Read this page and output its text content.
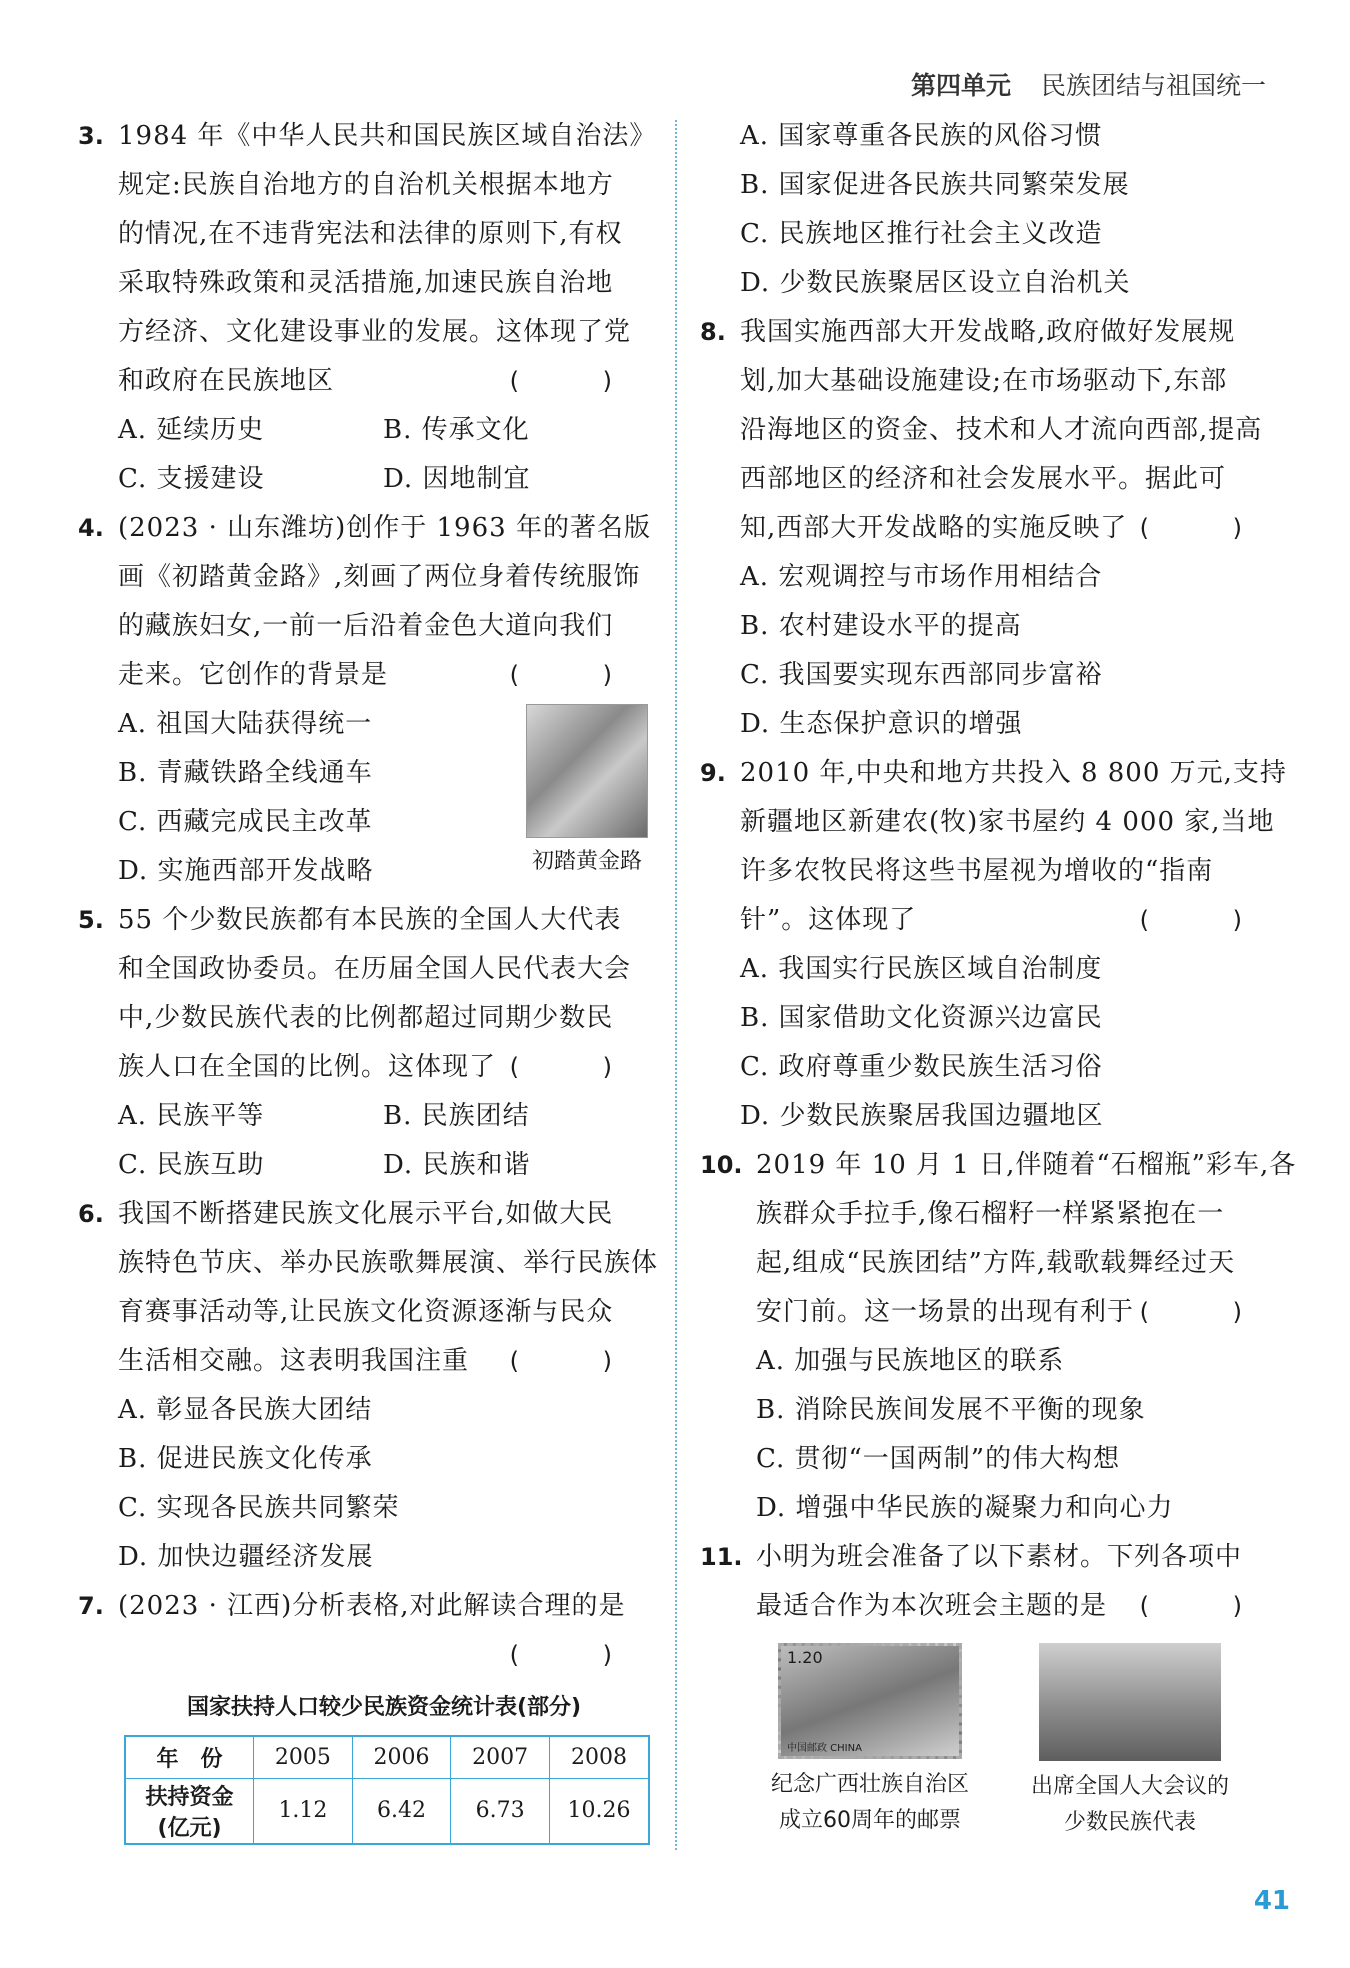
第四单元 民族团结与祖国统一
3. 1984 年《中华人民共和国民族区域自治法》
规定:民族自治地方的自治机关根据本地方
的情况,在不违背宪法和法律的原则下,有权
采取特殊政策和灵活措施,加速民族自治地
方经济、文化建设事业的发展。这体现了党
和政府在民族地区	( )
A. 延续历史	B. 传承文化
C. 支援建设	D. 因地制宜
4. (2023 · 山东潍坊)创作于 1963 年的著名版
画《初踏黄金路》,刻画了两位身着传统服饰
的藏族妇女,一前一后沿着金色大道向我们
走来。它创作的背景是	( )
初踏黄金路
A. 祖国大陆获得统一
B. 青藏铁路全线通车
C. 西藏完成民主改革
D. 实施西部开发战略
5. 55 个少数民族都有本民族的全国人大代表
和全国政协委员。在历届全国人民代表大会
中,少数民族代表的比例都超过同期少数民
族人口在全国的比例。这体现了 ( )
A. 民族平等	B. 民族团结
C. 民族互助	D. 民族和谐
6. 我国不断搭建民族文化展示平台,如做大民
族特色节庆、举办民族歌舞展演、举行民族体
育赛事活动等,让民族文化资源逐渐与民众
生活相交融。这表明我国注重 ( )
A. 彰显各民族大团结
B. 促进民族文化传承
C. 实现各民族共同繁荣
D. 加快边疆经济发展
7. (2023 · 江西)分析表格,对此解读合理的是
( )
国家扶持人口较少民族资金统计表(部分)
年　份	2005	2006	2007	2008

扶持资金
(亿元)	1.12	6.42	6.73	10.26
A. 国家尊重各民族的风俗习惯
B. 国家促进各民族共同繁荣发展
C. 民族地区推行社会主义改造
D. 少数民族聚居区设立自治机关
8. 我国实施西部大开发战略,政府做好发展规
划,加大基础设施建设;在市场驱动下,东部
沿海地区的资金、技术和人才流向西部,提高
西部地区的经济和社会发展水平。据此可
知,西部大开发战略的实施反映了 ( )
A. 宏观调控与市场作用相结合
B. 农村建设水平的提高
C. 我国要实现东西部同步富裕
D. 生态保护意识的增强
9. 2010 年,中央和地方共投入 8 800 万元,支持
新疆地区新建农(牧)家书屋约 4 000 家,当地
许多农牧民将这些书屋视为增收的“指南
针”。这体现了	( )
A. 我国实行民族区域自治制度
B. 国家借助文化资源兴边富民
C. 政府尊重少数民族生活习俗
D. 少数民族聚居我国边疆地区
10. 2019 年 10 月 1 日,伴随着“石榴瓶”彩车,各
族群众手拉手,像石榴籽一样紧紧抱在一
起,组成“民族团结”方阵,载歌载舞经过天
安门前。这一场景的出现有利于 ( )
A. 加强与民族地区的联系
B. 消除民族间发展不平衡的现象
C. 贯彻“一国两制”的伟大构想
D. 增强中华民族的凝聚力和向心力
11. 小明为班会准备了以下素材。下列各项中
最适合作为本次班会主题的是 ( )
1.20
中国邮政 CHINA
纪念广西壮族自治区
成立60周年的邮票
出席全国人大会议的
少数民族代表
41
